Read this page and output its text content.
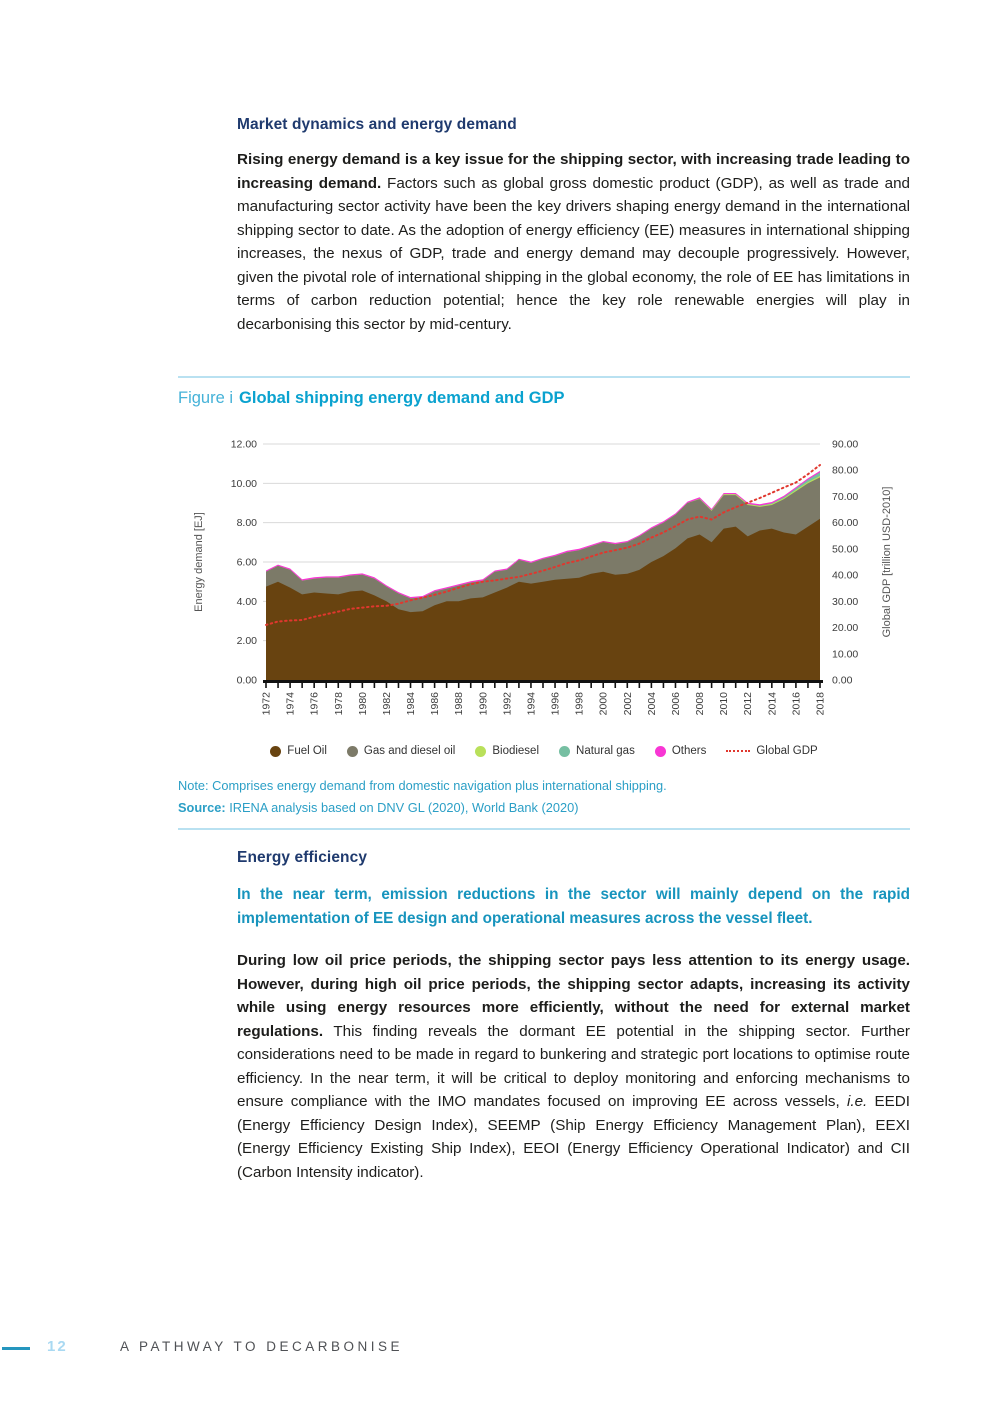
Market dynamics and energy demand

Rising energy demand is a key issue for the shipping sector, with increasing trade leading to increasing demand. Factors such as global gross domestic product (GDP), as well as trade and manufacturing sector activity have been the key drivers shaping energy demand in the international shipping sector to date. As the adoption of energy efficiency (EE) measures in international shipping increases, the nexus of GDP, trade and energy demand may decouple progressively. However, given the pivotal role of international shipping in the global economy, the role of EE has limitations in terms of carbon reduction potential; hence the key role renewable energies will play in decarbonising this sector by mid-century.

Figure i Global shipping energy demand and GDP
0.00
2.00
4.00
6.00
8.00
10.00
12.00
0.00
10.00
20.00
30.00
40.00
50.00
60.00
70.00
80.00
90.00
1972 1974 1976 1978 1980 1982 1984 1986 1988 1990 1992 1994 1996 1998 2000 2002 2004 2006 2008 2010 2012 2014 2016 2018
Energy demand [EJ]	Global GDP [trillion USD-2010]
Fuel Oil	Gas and diesel oil	Biodiesel	Natural gas	Others	Global GDP

Note: Comprises energy demand from domestic navigation plus international shipping.

Source: IRENA analysis based on DNV GL (2020), World Bank (2020)

Energy efficiency

In the near term, emission reductions in the sector will mainly depend on the rapid implementation of EE design and operational measures across the vessel fleet.

During low oil price periods, the shipping sector pays less attention to its energy usage. However, during high oil price periods, the shipping sector adapts, increasing its activity while using energy resources more efficiently, without the need for external market regulations. This finding reveals the dormant EE potential in the shipping sector. Further considerations need to be made in regard to bunkering and strategic port locations to optimise route efficiency. In the near term, it will be critical to deploy monitoring and enforcing mechanisms to ensure compliance with the IMO mandates focused on improving EE across vessels, i.e. EEDI (Energy Efficiency Design Index), SEEMP (Ship Energy Efficiency Management Plan), EEXI (Energy Efficiency Existing Ship Index), EEOI (Energy Efficiency Operational Indicator) and CII (Carbon Intensity indicator).

12	A PATHWAY TO DECARBONISE
